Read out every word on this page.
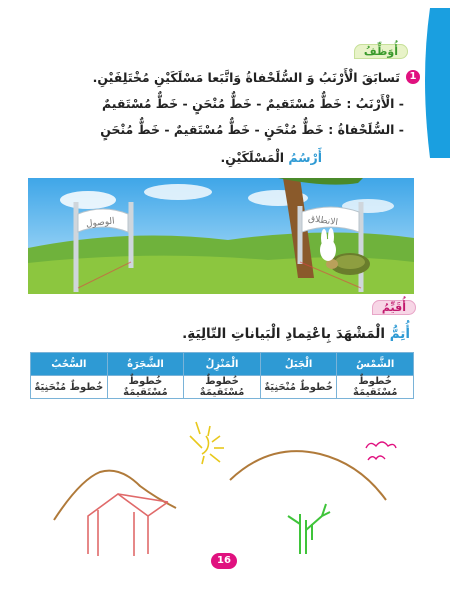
أُوَظِّفُ
1
تَسابَقَ الْأَرْنَبُ وَ السُّلَحْفاةُ وَاتَّبَعا مَسْلَكَيْنِ مُخْتَلِفَيْنِ.
- الْأَرْنَبُ : خَطٌّ مُسْتَقيمٌ - خَطٌّ مُنْحَنٍ - خَطٌّ مُسْتَقيمٌ
- السُّلَحْفاةُ : خَطٌّ مُنْحَنٍ - خَطٌّ مُسْتَقيمٌ - خَطٌّ مُنْحَنٍ
أَرْسُمُ الْمَسْلَكَيْنِ.
الوصول	الانطلاق
أُقَيِّمُ
أُتِمُّ الْمَشْهَدَ بِاعْتِمادِ الْبَياناتِ التّالِيَةِ.
الشَّمْسُ	الْجَبَلُ	الْمَنْزِلُ	الشَّجَرَةُ	السُّحُبُ
خُطوطٌ مُسْتَقيمَةٌ	خُطوطٌ مُنْحَنِيَةٌ	خُطوطٌ مُسْتَقيمَةٌ	خُطوطٌ مُسْتَقيمَةٌ	خُطوطٌ مُنْحَنِيَةٌ
16
